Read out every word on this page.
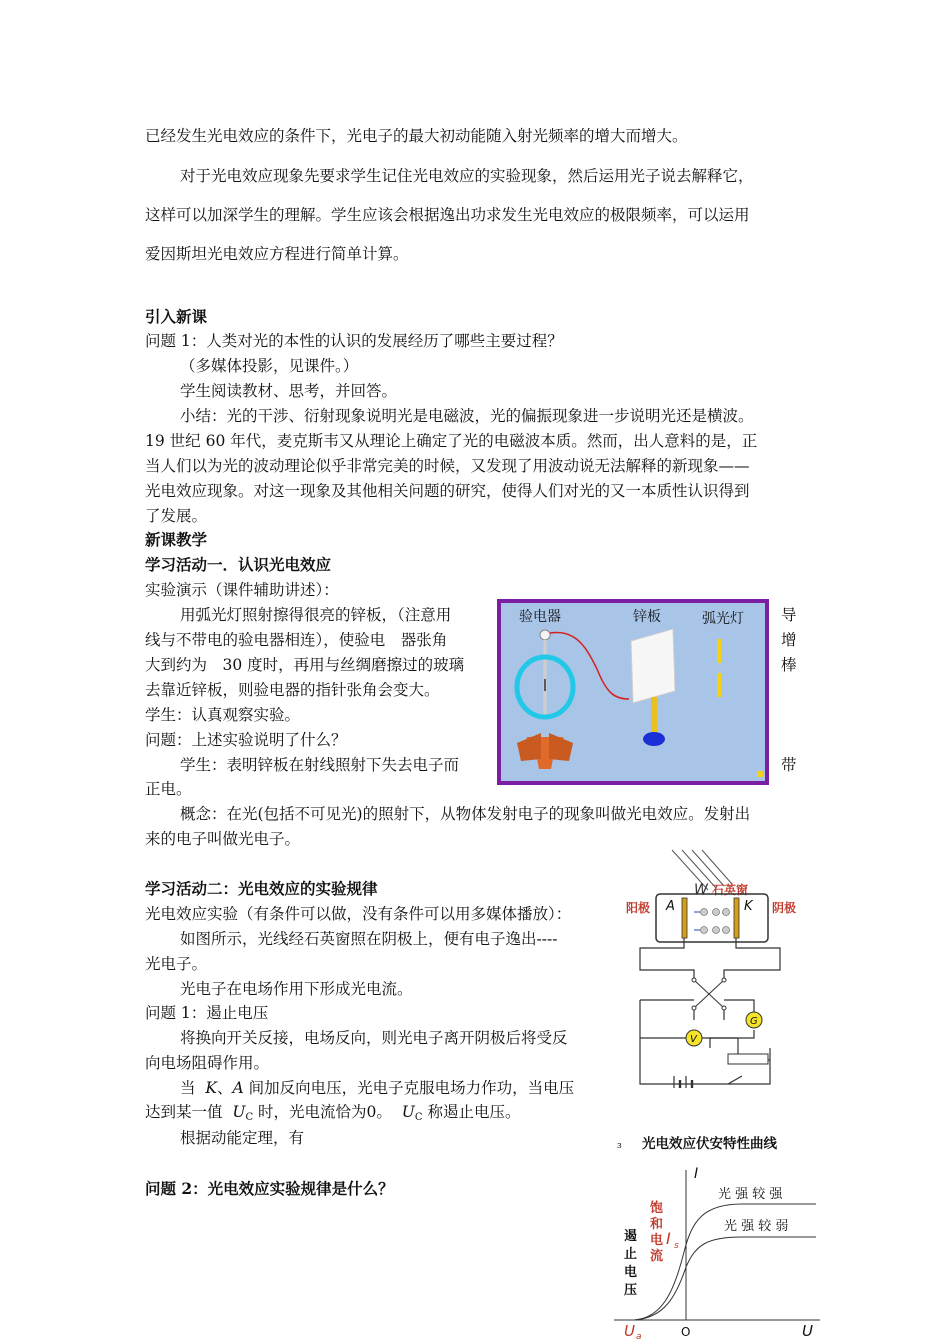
已经发生光电效应的条件下，光电子的最大初动能随入射光频率的增大而增大。
对于光电效应现象先要求学生记住光电效应的实验现象，然后运用光子说去解释它，
这样可以加深学生的理解。学生应该会根据逸出功求发生光电效应的极限频率，可以运用
爱因斯坦光电效应方程进行简单计算。
引入新课
问题 1：人类对光的本性的认识的发展经历了哪些主要过程？
（多媒体投影，见课件。）
学生阅读教材、思考，并回答。
小结：光的干涉、衍射现象说明光是电磁波，光的偏振现象进一步说明光还是横波。
19 世纪 60 年代，麦克斯韦又从理论上确定了光的电磁波本质。然而，出人意料的是，正
当人们以为光的波动理论似乎非常完美的时候，又发现了用波动说无法解释的新现象——
光电效应现象。对这一现象及其他相关问题的研究，使得人们对光的又一本质性认识得到
了发展。
新课教学
学习活动一．认识光电效应
实验演示（课件辅助讲述）：
用弧光灯照射擦得很亮的锌板，（注意用
线与不带电的验电器相连），使验电　器张角
大到约为　30 度时，再用与丝绸磨擦过的玻璃
去靠近锌板，则验电器的指针张角会变大。
学生：认真观察实验。
问题：上述实验说明了什么？
学生：表明锌板在射线照射下失去电子而
正电。
概念：在光(包括不可见光)的照射下，从物体发射电子的现象叫做光电效应。发射出
来的电子叫做光电子。
导
增
棒
带
验电器	锌板	弧光灯
学习活动二：光电效应的实验规律
光电效应实验（有条件可以做，没有条件可以用多媒体播放）：
如图所示，光线经石英窗照在阴极上，便有电子逸出----
光电子。
光电子在电场作用下形成光电流。
问题 1：遏止电压
将换向开关反接，电场反向，则光电子离开阴极后将受反
向电场阻碍作用。
当 K、A 间加反向电压，光电子克服电场力作功，当电压
达到某一值 $U_C$ 时，光电流恰为0。 $U_C$ 称遏止电压。
根据动能定理，有
问题 2：光电效应实验规律是什么？
W 石英窗
阳极	阴极
A	K
G
V
ɜ 光电效应伏安特性曲线
I
光 强 较 强
光 强 较 弱
饱和电流
I s
遏止电压
U a	O	U
